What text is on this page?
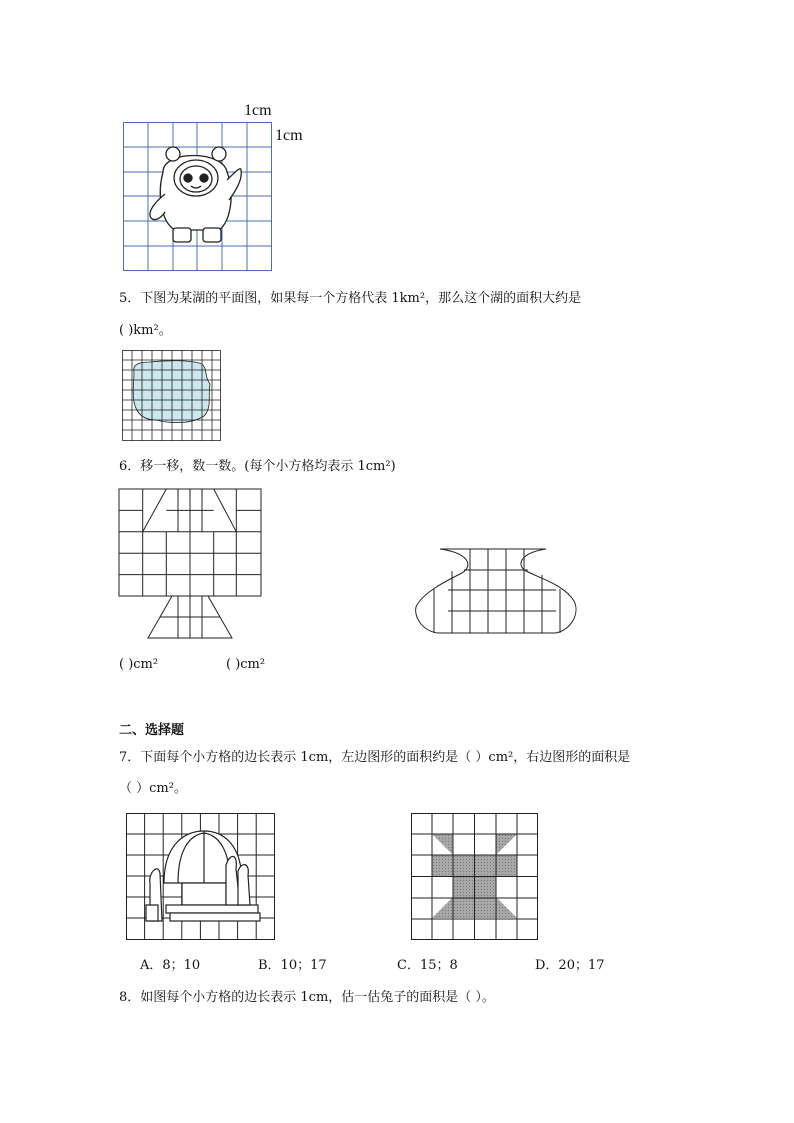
1cm
1cm
5．下图为某湖的平面图，如果每一个方格代表 1km²，那么这个湖的面积大约是
( )km²。
6．移一移，数一数。(每个小方格均表示 1cm²)
( )cm²	( )cm²
二、选择题
7．下面每个小方格的边长表示 1cm，左边图形的面积约是（ ）cm²，右边图形的面积是
（ ）cm²。
A．8；10	B．10；17	C．15；8	D．20；17
8．如图每个小方格的边长表示 1cm，估一估兔子的面积是（ ）。
